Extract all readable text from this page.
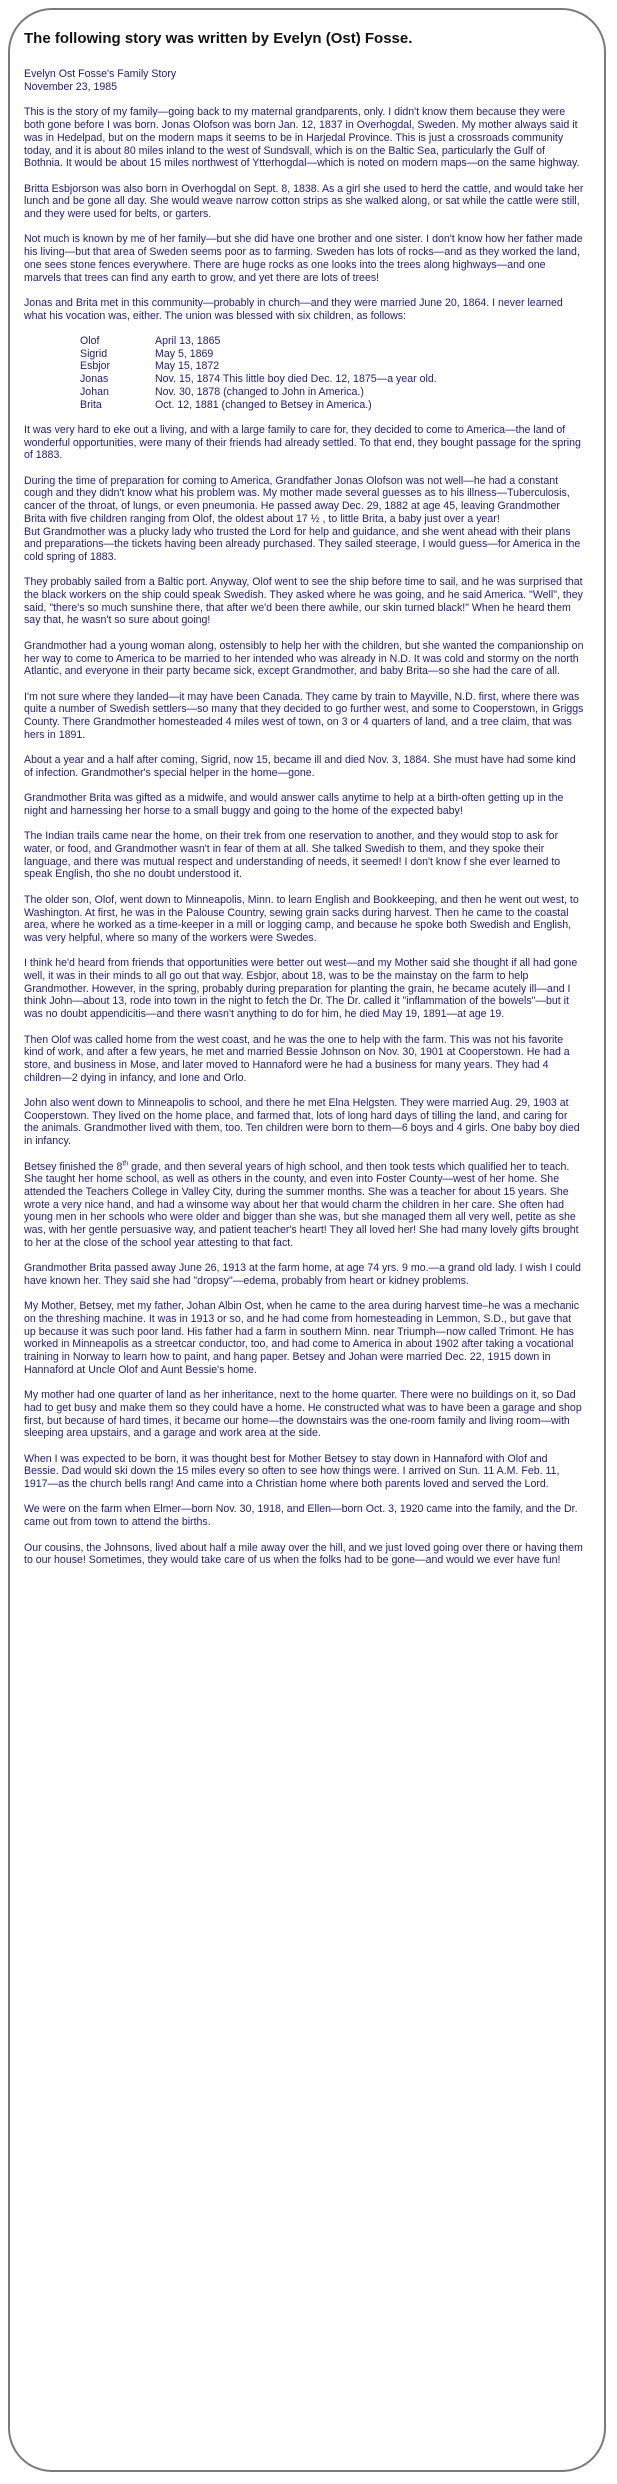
The following story was written by Evelyn (Ost) Fosse.
Evelyn Ost Fosse's Family Story
November 23, 1985

This is the story of my family—going back to my maternal grandparents, only. I didn't know them because they were both gone before I was born. Jonas Olofson was born Jan. 12, 1837 in Overhogdal, Sweden. My mother always said it was in Hedelpad, but on the modern maps it seems to be in Harjedal Province. This is just a crossroads community today, and it is about 80 miles inland to the west of Sundsvall, which is on the Baltic Sea, particularly the Gulf of Bothnia. It would be about 15 miles northwest of Ytterhogdal—which is noted on modern maps—on the same highway.

Britta Esbjorson was also born in Overhogdal on Sept. 8, 1838. As a girl she used to herd the cattle, and would take her lunch and be gone all day. She would weave narrow cotton strips as she walked along, or sat while the cattle were still, and they were used for belts, or garters.

Not much is known by me of her family—but she did have one brother and one sister. I don't know how her father made his living—but that area of Sweden seems poor as to farming. Sweden has lots of rocks—and as they worked the land, one sees stone fences everywhere. There are huge rocks as one looks into the trees along highways—and one marvels that trees can find any earth to grow, and yet there are lots of trees!

Jonas and Brita met in this community—probably in church—and they were married June 20, 1864. I never learned what his vocation was, either. The union was blessed with six children, as follows:

Olof	April 13, 1865
Sigrid	May 5, 1869
Esbjor	May 15, 1872
Jonas	Nov. 15, 1874 This little boy died Dec. 12, 1875—a year old.
Johan	Nov. 30, 1878 (changed to John in America.)
Brita	Oct. 12, 1881 (changed to Betsey in America.)

It was very hard to eke out a living, and with a large family to care for, they decided to come to America—the land of wonderful opportunities, were many of their friends had already settled. To that end, they bought passage for the spring of 1883.

During the time of preparation for coming to America, Grandfather Jonas Olofson was not well—he had a constant cough and they didn't know what his problem was. My mother made several guesses as to his illness—Tuberculosis, cancer of the throat, of lungs, or even pneumonia. He passed away Dec. 29, 1882 at age 45, leaving Grandmother Brita with five children ranging from Olof, the oldest about 17 ½ , to little Brita, a baby just over a year!
But Grandmother was a plucky lady who trusted the Lord for help and guidance, and she went ahead with their plans and preparations—the tickets having been already purchased. They sailed steerage, I would guess—for America in the cold spring of 1883.

They probably sailed from a Baltic port. Anyway, Olof went to see the ship before time to sail, and he was surprised that the black workers on the ship could speak Swedish. They asked where he was going, and he said America. "Well", they said, "there's so much sunshine there, that after we'd been there awhile, our skin turned black!" When he heard them say that, he wasn't so sure about going!

Grandmother had a young woman along, ostensibly to help her with the children, but she wanted the companionship on her way to come to America to be married to her intended who was already in N.D. It was cold and stormy on the north Atlantic, and everyone in their party became sick, except Grandmother, and baby Brita—so she had the care of all.

I'm not sure where they landed—it may have been Canada. They came by train to Mayville, N.D. first, where there was quite a number of Swedish settlers—so many that they decided to go further west, and some to Cooperstown, in Griggs County. There Grandmother homesteaded 4 miles west of town, on 3 or 4 quarters of land, and a tree claim, that was hers in 1891.

About a year and a half after coming, Sigrid, now 15, became ill and died Nov. 3, 1884. She must have had some kind of infection. Grandmother's special helper in the home—gone.

Grandmother Brita was gifted as a midwife, and would answer calls anytime to help at a birth-often getting up in the night and harnessing her horse to a small buggy and going to the home of the expected baby!

The Indian trails came near the home, on their trek from one reservation to another, and they would stop to ask for water, or food, and Grandmother wasn't in fear of them at all. She talked Swedish to them, and they spoke their language, and there was mutual respect and understanding of needs, it seemed! I don't know f she ever learned to speak English, tho she no doubt understood it.

The older son, Olof, went down to Minneapolis, Minn. to learn English and Bookkeeping, and then he went out west, to Washington. At first, he was in the Palouse Country, sewing grain sacks during harvest. Then he came to the coastal area, where he worked as a time-keeper in a mill or logging camp, and because he spoke both Swedish and English, was very helpful, where so many of the workers were Swedes.

I think he'd heard from friends that opportunities were better out west—and my Mother said she thought if all had gone well, it was in their minds to all go out that way. Esbjor, about 18, was to be the mainstay on the farm to help Grandmother. However, in the spring, probably during preparation for planting the grain, he became acutely ill—and I think John—about 13, rode into town in the night to fetch the Dr. The Dr. called it "inflammation of the bowels"—but it was no doubt appendicitis—and there wasn't anything to do for him, he died May 19, 1891—at age 19.

Then Olof was called home from the west coast, and he was the one to help with the farm. This was not his favorite kind of work, and after a few years, he met and married Bessie Johnson on Nov. 30, 1901 at Cooperstown. He had a store, and business in Mose, and later moved to Hannaford were he had a business for many years. They had 4 children—2 dying in infancy, and Ione and Orlo.

John also went down to Minneapolis to school, and there he met Elna Helgsten. They were married Aug. 29, 1903 at Cooperstown. They lived on the home place, and farmed that, lots of long hard days of tilling the land, and caring for the animals. Grandmother lived with them, too. Ten children were born to them—6 boys and 4 girls. One baby boy died in infancy.

Betsey finished the 8th grade, and then several years of high school, and then took tests which qualified her to teach. She taught her home school, as well as others in the county, and even into Foster County—west of her home. She attended the Teachers College in Valley City, during the summer months. She was a teacher for about 15 years. She wrote a very nice hand, and had a winsome way about her that would charm the children in her care. She often had young men in her schools who were older and bigger than she was, but she managed them all very well, petite as she was, with her gentle persuasive way, and patient teacher's heart! They all loved her! She had many lovely gifts brought to her at the close of the school year attesting to that fact.

Grandmother Brita passed away June 26, 1913 at the farm home, at age 74 yrs. 9 mo.—a grand old lady. I wish I could have known her. They said she had "dropsy"—edema, probably from heart or kidney problems.

My Mother, Betsey, met my father, Johan Albin Ost, when he came to the area during harvest time–he was a mechanic on the threshing machine. It was in 1913 or so, and he had come from homesteading in Lemmon, S.D., but gave that up because it was such poor land. His father had a farm in southern Minn. near Triumph—now called Trimont. He has worked in Minneapolis as a streetcar conductor, too, and had come to America in about 1902 after taking a vocational training in Norway to learn how to paint, and hang paper. Betsey and Johan were married Dec. 22, 1915 down in Hannaford at Uncle Olof and Aunt Bessie's home.

My mother had one quarter of land as her inheritance, next to the home quarter. There were no buildings on it, so Dad had to get busy and make them so they could have a home. He constructed what was to have been a garage and shop first, but because of hard times, it became our home—the downstairs was the one-room family and living room—with sleeping area upstairs, and a garage and work area at the side.

When I was expected to be born, it was thought best for Mother Betsey to stay down in Hannaford with Olof and Bessie. Dad would ski down the 15 miles every so often to see how things were. I arrived on Sun. 11 A.M. Feb. 11, 1917—as the church bells rang! And came into a Christian home where both parents loved and served the Lord.

We were on the farm when Elmer—born Nov. 30, 1918, and Ellen—born Oct. 3, 1920 came into the family, and the Dr. came out from town to attend the births.

Our cousins, the Johnsons, lived about half a mile away over the hill, and we just loved going over there or having them to our house! Sometimes, they would take care of us when the folks had to be gone—and would we ever have fun!
